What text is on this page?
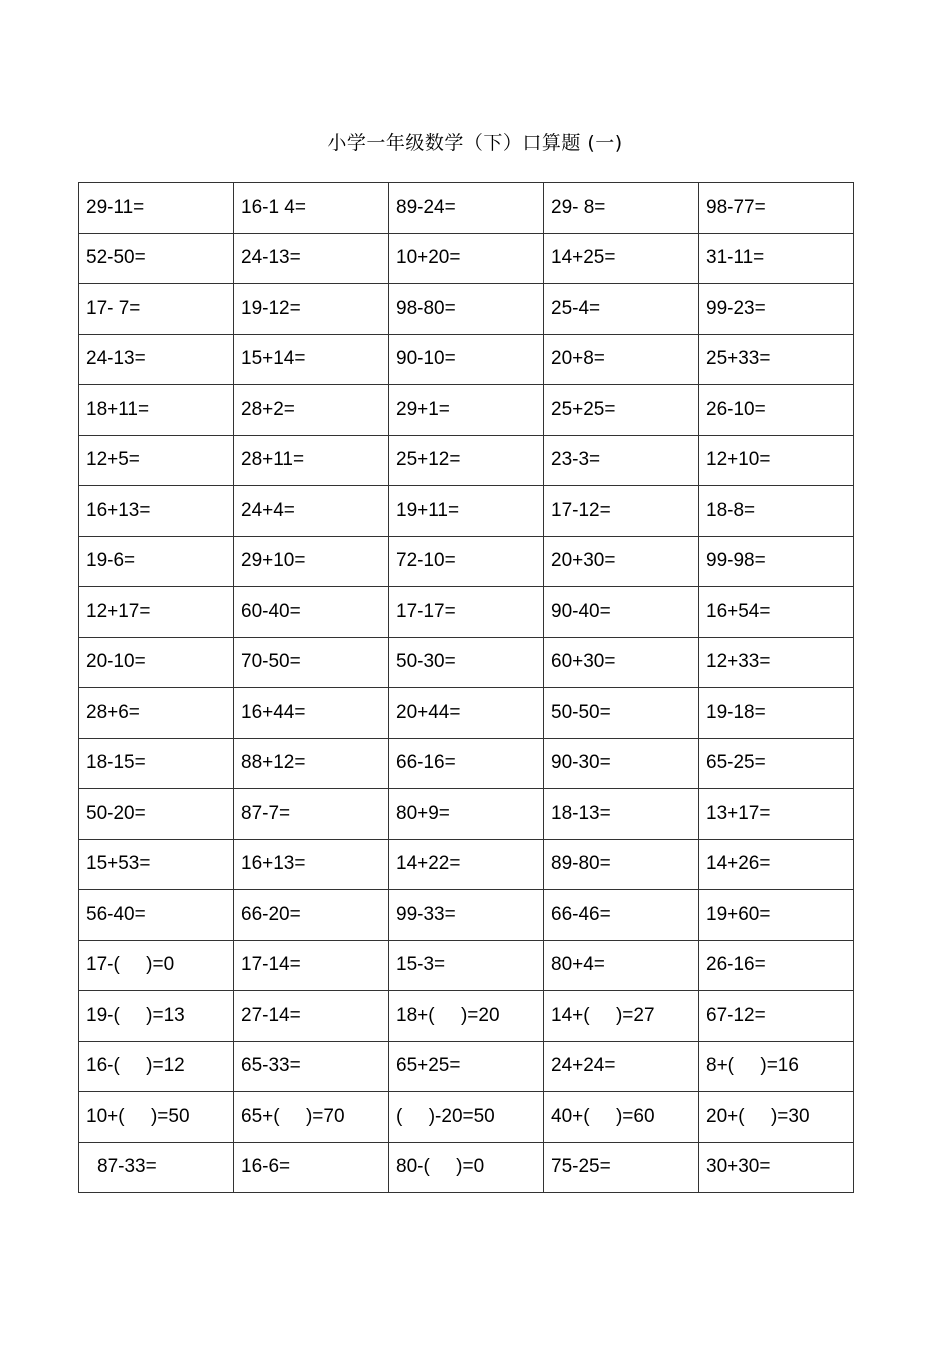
小学一年级数学（下）口算题 (一)
29-11=	16-1 4=	89-24=	29- 8=	98-77=
52-50=	24-13=	10+20=	14+25=	31-11=
17- 7=	19-12=	98-80=	25-4=	99-23=
24-13=	15+14=	90-10=	20+8=	25+33=
18+11=	28+2=	29+1=	25+25=	26-10=
12+5=	28+11=	25+12=	23-3=	12+10=
16+13=	24+4=	19+11=	17-12=	18-8=
19-6=	29+10=	72-10=	20+30=	99-98=
12+17=	60-40=	17-17=	90-40=	16+54=
20-10=	70-50=	50-30=	60+30=	12+33=
28+6=	16+44=	20+44=	50-50=	19-18=
18-15=	88+12=	66-16=	90-30=	65-25=
50-20=	87-7=	80+9=	18-13=	13+17=
15+53=	16+13=	14+22=	89-80=	14+26=
56-40=	66-20=	99-33=	66-46=	19+60=
17-(     )=0	17-14=	15-3=	80+4=	26-16=
19-(     )=13	27-14=	18+(     )=20	14+(     )=27	67-12=
16-(     )=12	65-33=	65+25=	24+24=	8+(     )=16
10+(     )=50	65+(     )=70	(     )-20=50	40+(     )=60	20+(     )=30
87-33=	16-6=	80-(     )=0	75-25=	30+30=
